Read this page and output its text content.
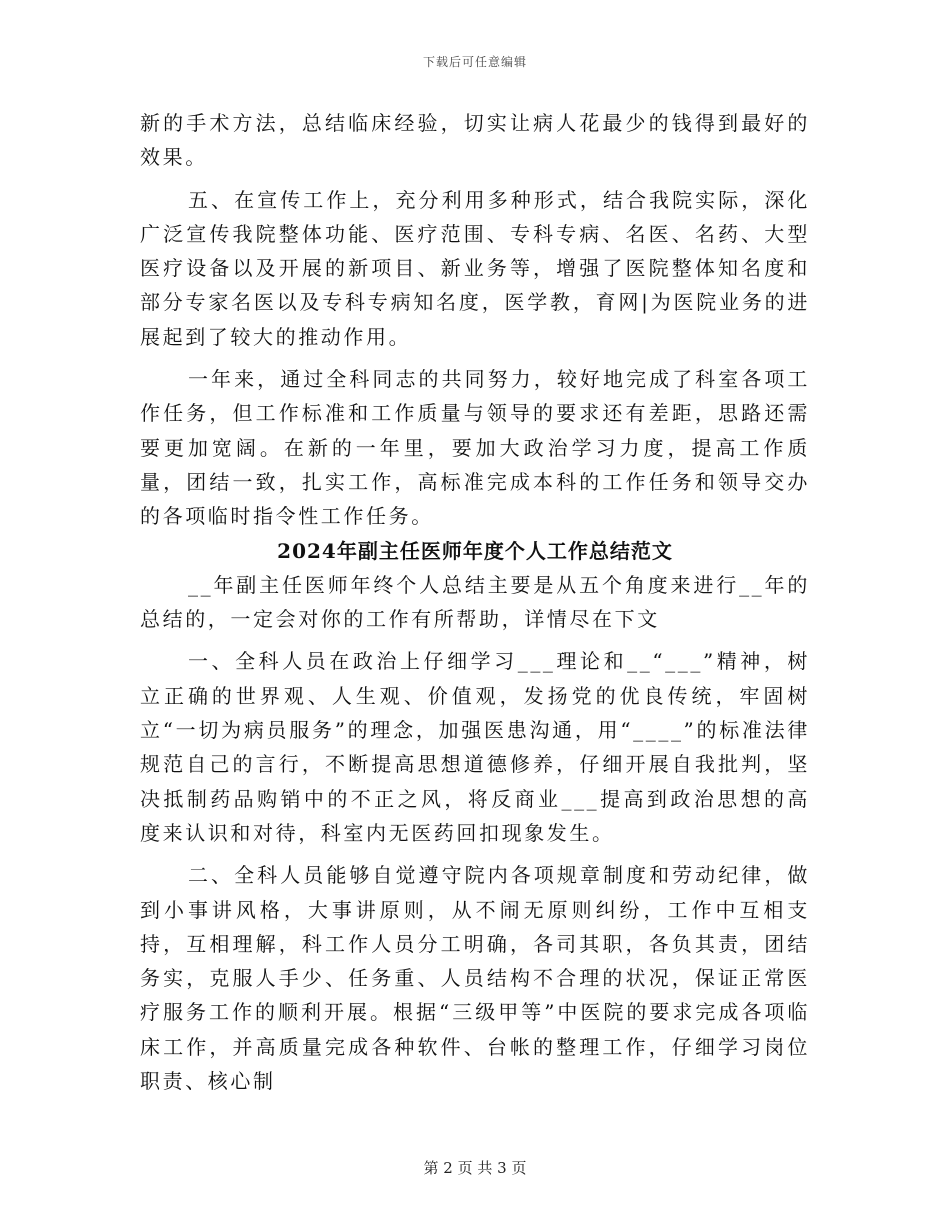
下载后可任意编辑

新的手术方法，总结临床经验，切实让病人花最少的钱得到最好的效果。

五、在宣传工作上，充分利用多种形式，结合我院实际，深化广泛宣传我院整体功能、医疗范围、专科专病、名医、名药、大型医疗设备以及开展的新项目、新业务等，增强了医院整体知名度和部分专家名医以及专科专病知名度，医学教，育网|为医院业务的进展起到了较大的推动作用。

一年来，通过全科同志的共同努力，较好地完成了科室各项工作任务，但工作标准和工作质量与领导的要求还有差距，思路还需要更加宽阔。在新的一年里，要加大政治学习力度，提高工作质量，团结一致，扎实工作，高标准完成本科的工作任务和领导交办的各项临时指令性工作任务。

2024年副主任医师年度个人工作总结范文

__年副主任医师年终个人总结主要是从五个角度来进行__年的总结的，一定会对你的工作有所帮助，详情尽在下文

一、全科人员在政治上仔细学习___理论和__“___”精神，树立正确的世界观、人生观、价值观，发扬党的优良传统，牢固树立“一切为病员服务”的理念，加强医患沟通，用“____”的标准法律规范自己的言行，不断提高思想道德修养，仔细开展自我批判，坚决抵制药品购销中的不正之风，将反商业___提高到政治思想的高度来认识和对待，科室内无医药回扣现象发生。

二、全科人员能够自觉遵守院内各项规章制度和劳动纪律，做到小事讲风格，大事讲原则，从不闹无原则纠纷，工作中互相支持，互相理解，科工作人员分工明确，各司其职，各负其责，团结务实，克服人手少、任务重、人员结构不合理的状况，保证正常医疗服务工作的顺利开展。根据“三级甲等”中医院的要求完成各项临床工作，并高质量完成各种软件、台帐的整理工作，仔细学习岗位职责、核心制

第 2 页 共 3 页
